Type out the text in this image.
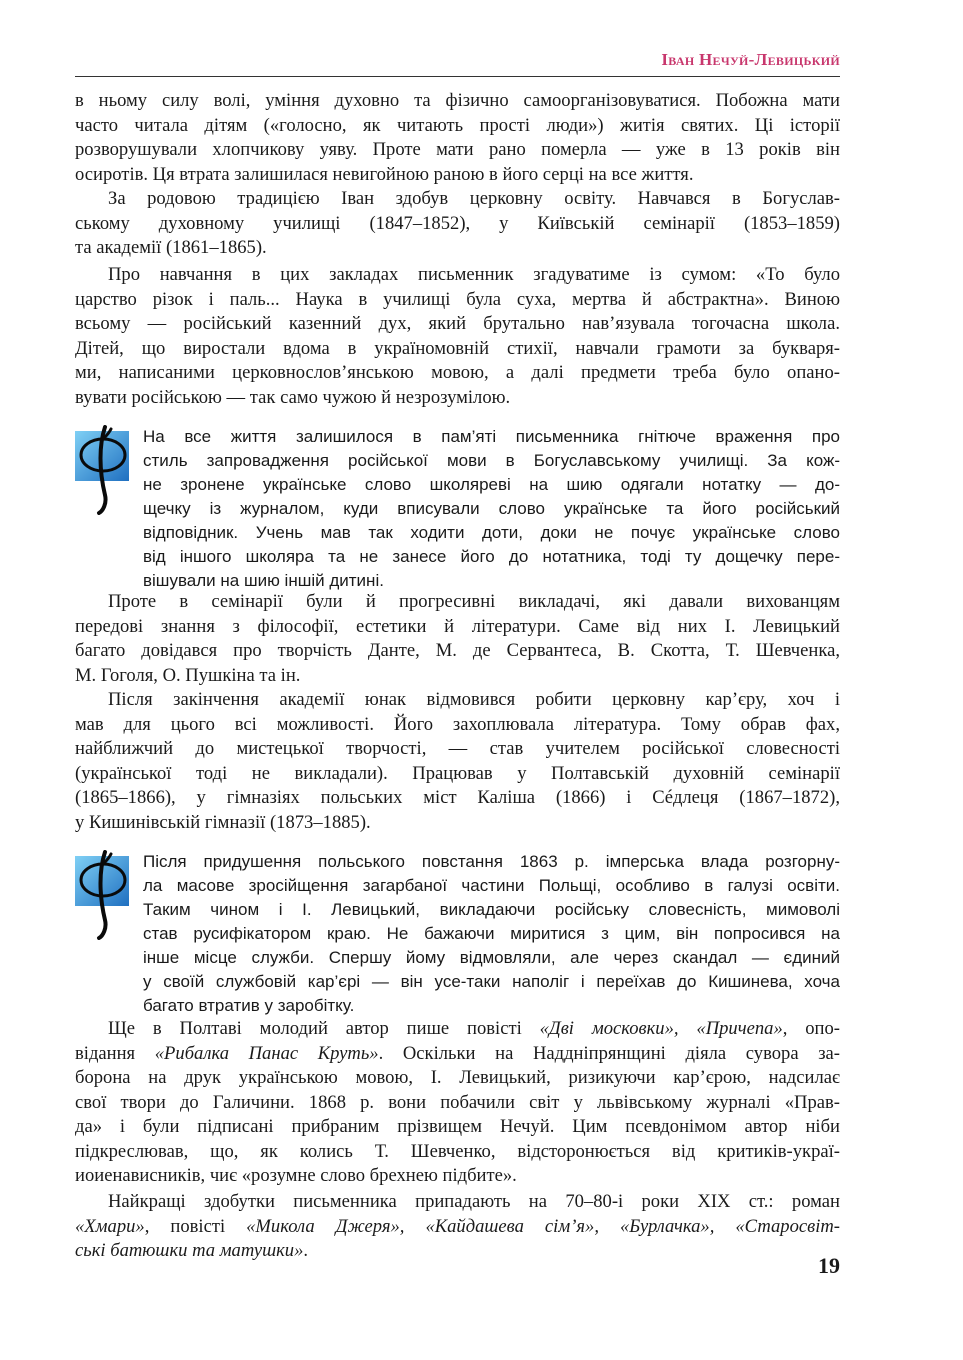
Іван Нечуй-Левицький
в ньому силу волі, уміння духовно та фізично самоорганізовуватися. Побожна мати
часто читала дітям («голосно, як читають прості люди») житія святих. Ці історії
розворушували хлопчикову уяву. Проте мати рано померла — уже в 13 років він
осиротів. Ця втрата залишилася невигойною раною в його серці на все життя.
За родовою традицією Іван здобув церковну освіту. Навчався в Богуслав-
ському духовному училищі (1847–1852), у Київській семінарії (1853–1859)
та академії (1861–1865).
Про навчання в цих закладах письменник згадуватиме із сумом: «То було
царство різок і паль... Наука в училищі була суха, мертва й абстрактна». Виною
всьому — російський казенний дух, який брутально нав’язувала тогочасна школа.
Дітей, що виростали вдома в україномовній стихії, навчали грамоти за букваря-
ми, написаними церковнослов’янською мовою, а далі предмети треба було опано-
вувати російською — так само чужою й незрозумілою.
На все життя залишилося в пам’яті письменника гнітюче враження про
стиль запровадження російської мови в Богуславському училищі. За кож-
не зронене українське слово школяреві на шию одягали нотатку — до-
щечку із журналом, куди вписували слово українське та його російський
відповідник. Учень мав так ходити доти, доки не почує українське слово
від іншого школяра та не занесе його до нотатника, тоді ту дощечку пере-
вішували на шию іншій дитині.
Проте в семінарії були й прогресивні викладачі, які давали вихованцям
передові знання з філософії, естетики й літератури. Саме від них І. Левицький
багато довідався про творчість Данте, М. де Сервантеса, В. Скотта, Т. Шевченка,
М. Гоголя, О. Пушкіна та ін.
Після закінчення академії юнак відмовився робити церковну кар’єру, хоч і
мав для цього всі можливості. Його захоплювала література. Тому обрав фах,
найближчий до мистецької творчості, — став учителем російської словесності
(української тоді не викладали). Працював у Полтавській духовній семінарії
(1865–1866), у гімназіях польських міст Каліша (1866) і Сéдлеця (1867–1872),
у Кишинівській гімназії (1873–1885).
Після придушення польського повстання 1863 р. імперська влада розгорну-
ла масове зросійщення загарбаної частини Польщі, особливо в галузі освіти.
Таким чином і І. Левицький, викладаючи російську словесність, мимоволі
став русифікатором краю. Не бажаючи миритися з цим, він попросився на
інше місце служби. Спершу йому відмовляли, але через скандал — єдиний
у своїй службовій кар’єрі — він усе-таки наполіг і переїхав до Кишинева, хоча
багато втратив у заробітку.
Ще в Полтаві молодий автор пише повісті «Дві московки», «Причепа», опо-
відання «Рибалка Панас Круть». Оскільки на Наддніпрянщині діяла сувора за-
борона на друк українською мовою, І. Левицький, ризикуючи кар’єрою, надсилає
свої твори до Галичини. 1868 р. вони побачили світ у львівському журналі «Прав-
да» і були підписані прибраним прізвищем Нечуй. Цим псевдонімом автор ніби
підкреслював, що, як колись Т. Шевченко, відсторонюється від критиків-украї-
иоиенависників, чиє «розумне слово брехнею підбите».
Найкращі здобутки письменника припадають на 70–80-і роки XIX ст.: роман
«Хмари», повісті «Микола Джеря», «Кайдашева сім’я», «Бурлачка», «Старосвіт-
ські батюшки та матушки».
19
